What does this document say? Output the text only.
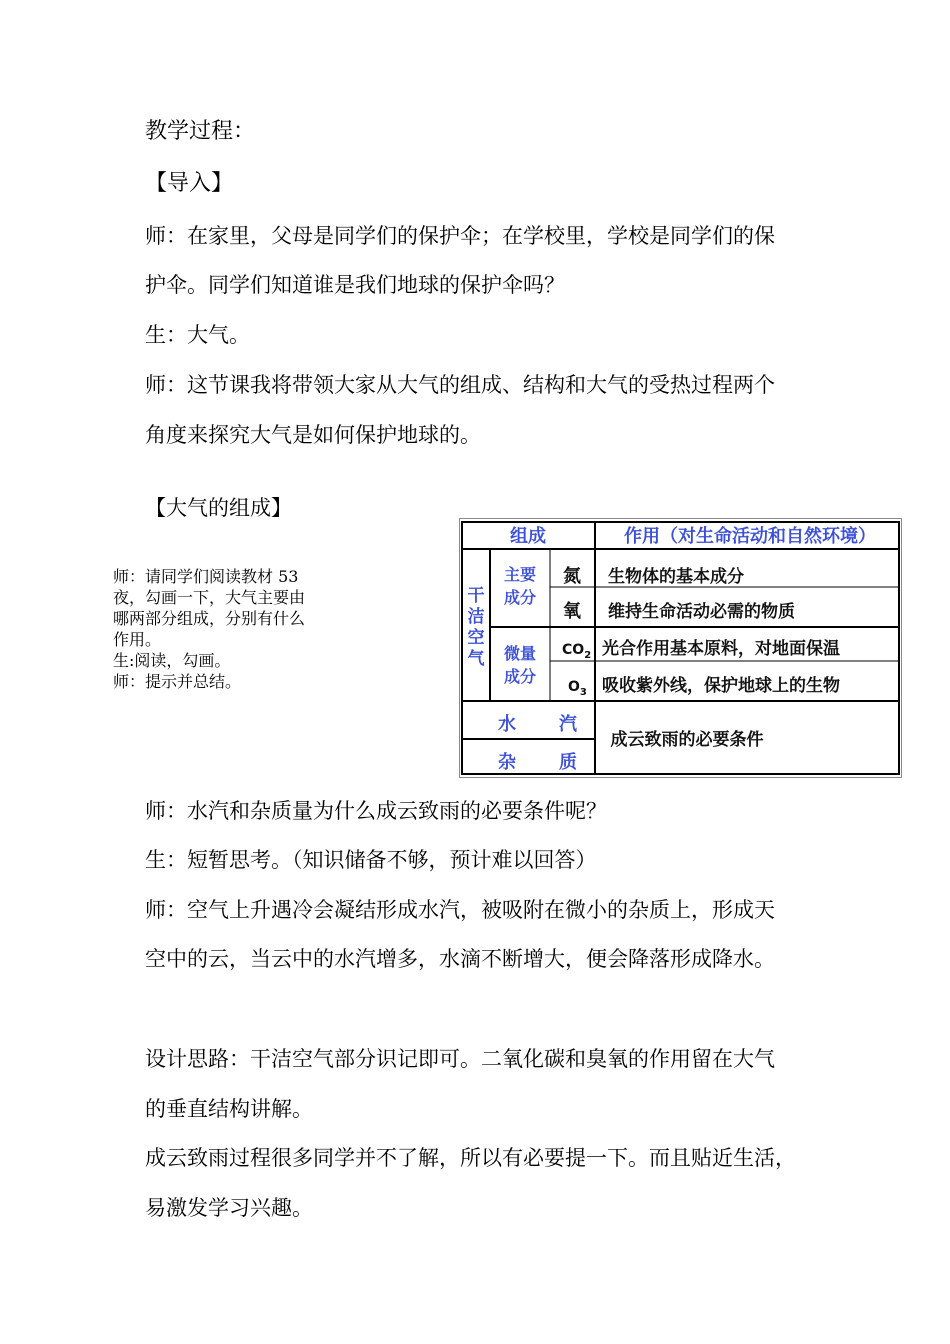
教学过程：
【导入】
师：在家里，父母是同学们的保护伞；在学校里，学校是同学们的保
护伞。同学们知道谁是我们地球的保护伞吗？
生：大气。
师：这节课我将带领大家从大气的组成、结构和大气的受热过程两个
角度来探究大气是如何保护地球的。
【大气的组成】
师：请同学们阅读教材 53
夜，勾画一下，大气主要由
哪两部分组成，分别有什么
作用。
生:阅读，勾画。
师：提示并总结。
组成	作用（对生命活动和自然环境）
干
洁
空
气
主要
成分
微量
成分
氮
氧
$CO_2$
$O_3$
生物体的基本成分
维持生命活动必需的物质
光合作用基本原料，对地面保温
吸收紫外线，保护地球上的生物
水 汽
杂 质
成云致雨的必要条件
师：水汽和杂质量为什么成云致雨的必要条件呢？
生：短暂思考。（知识储备不够，预计难以回答）
师：空气上升遇冷会凝结形成水汽，被吸附在微小的杂质上，形成天
空中的云，当云中的水汽增多，水滴不断增大，便会降落形成降水。
设计思路：干洁空气部分识记即可。二氧化碳和臭氧的作用留在大气
的垂直结构讲解。
成云致雨过程很多同学并不了解，所以有必要提一下。而且贴近生活，
易激发学习兴趣。
